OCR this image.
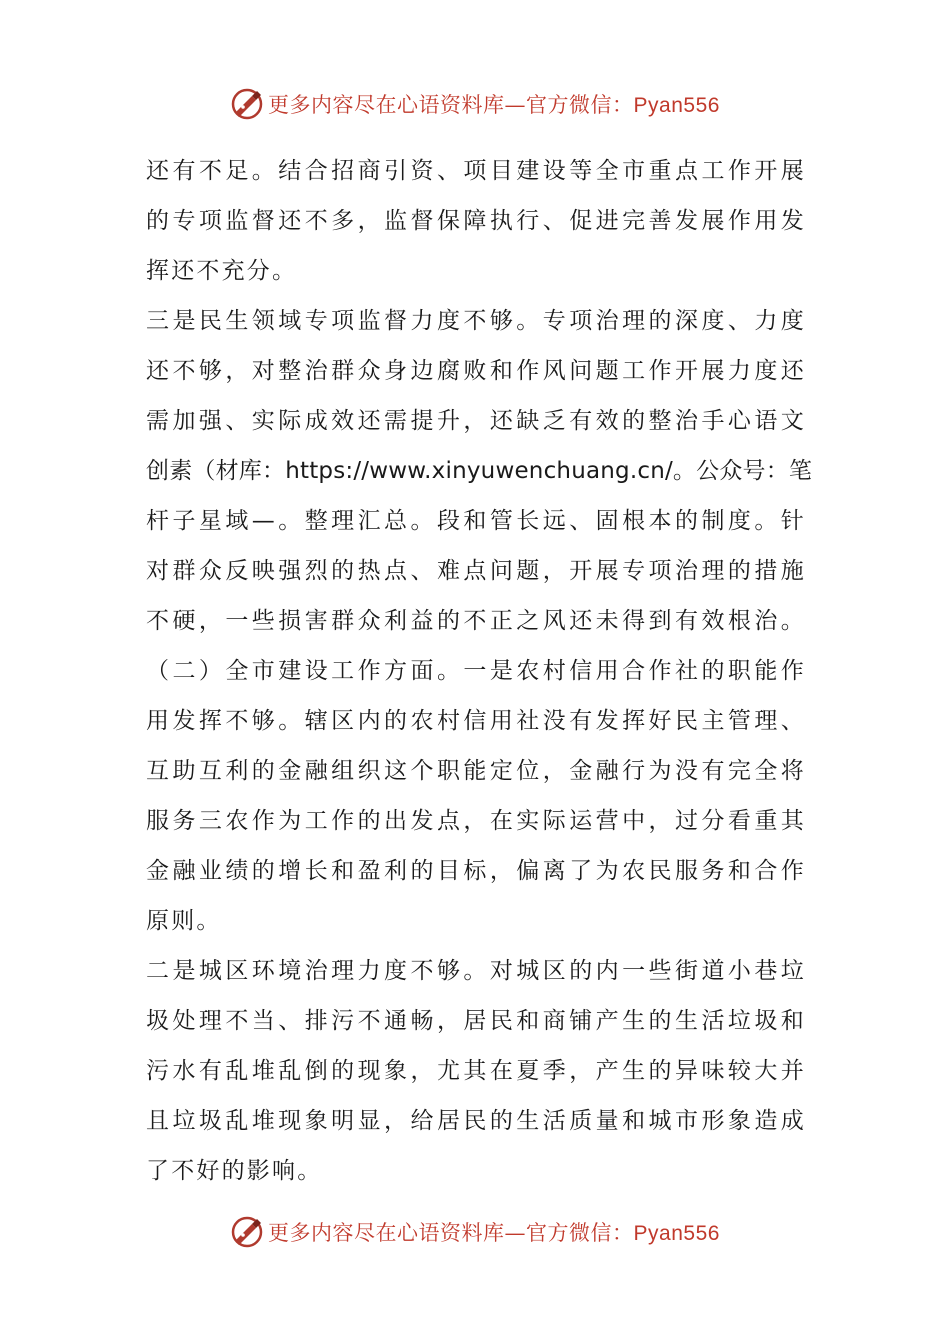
更多内容尽在心语资料库—官方微信：Pyan556
还有不足。结合招商引资、项目建设等全市重点工作开展
的专项监督还不多，监督保障执行、促进完善发展作用发
挥还不充分。
三是民生领域专项监督力度不够。专项治理的深度、力度
还不够，对整治群众身边腐败和作风问题工作开展力度还
需加强、实际成效还需提升，还缺乏有效的整治手心语文
创素（材库：https://www.xinyuwenchuang.cn/。公众号：笔
杆子星域—。整理汇总。段和管长远、固根本的制度。针
对群众反映强烈的热点、难点问题，开展专项治理的措施
不硬，一些损害群众利益的不正之风还未得到有效根治。
（二）全市建设工作方面。一是农村信用合作社的职能作
用发挥不够。辖区内的农村信用社没有发挥好民主管理、
互助互利的金融组织这个职能定位，金融行为没有完全将
服务三农作为工作的出发点，在实际运营中，过分看重其
金融业绩的增长和盈利的目标，偏离了为农民服务和合作
原则。
二是城区环境治理力度不够。对城区的内一些街道小巷垃
圾处理不当、排污不通畅，居民和商铺产生的生活垃圾和
污水有乱堆乱倒的现象，尤其在夏季，产生的异味较大并
且垃圾乱堆现象明显，给居民的生活质量和城市形象造成
了不好的影响。
更多内容尽在心语资料库—官方微信：Pyan556
